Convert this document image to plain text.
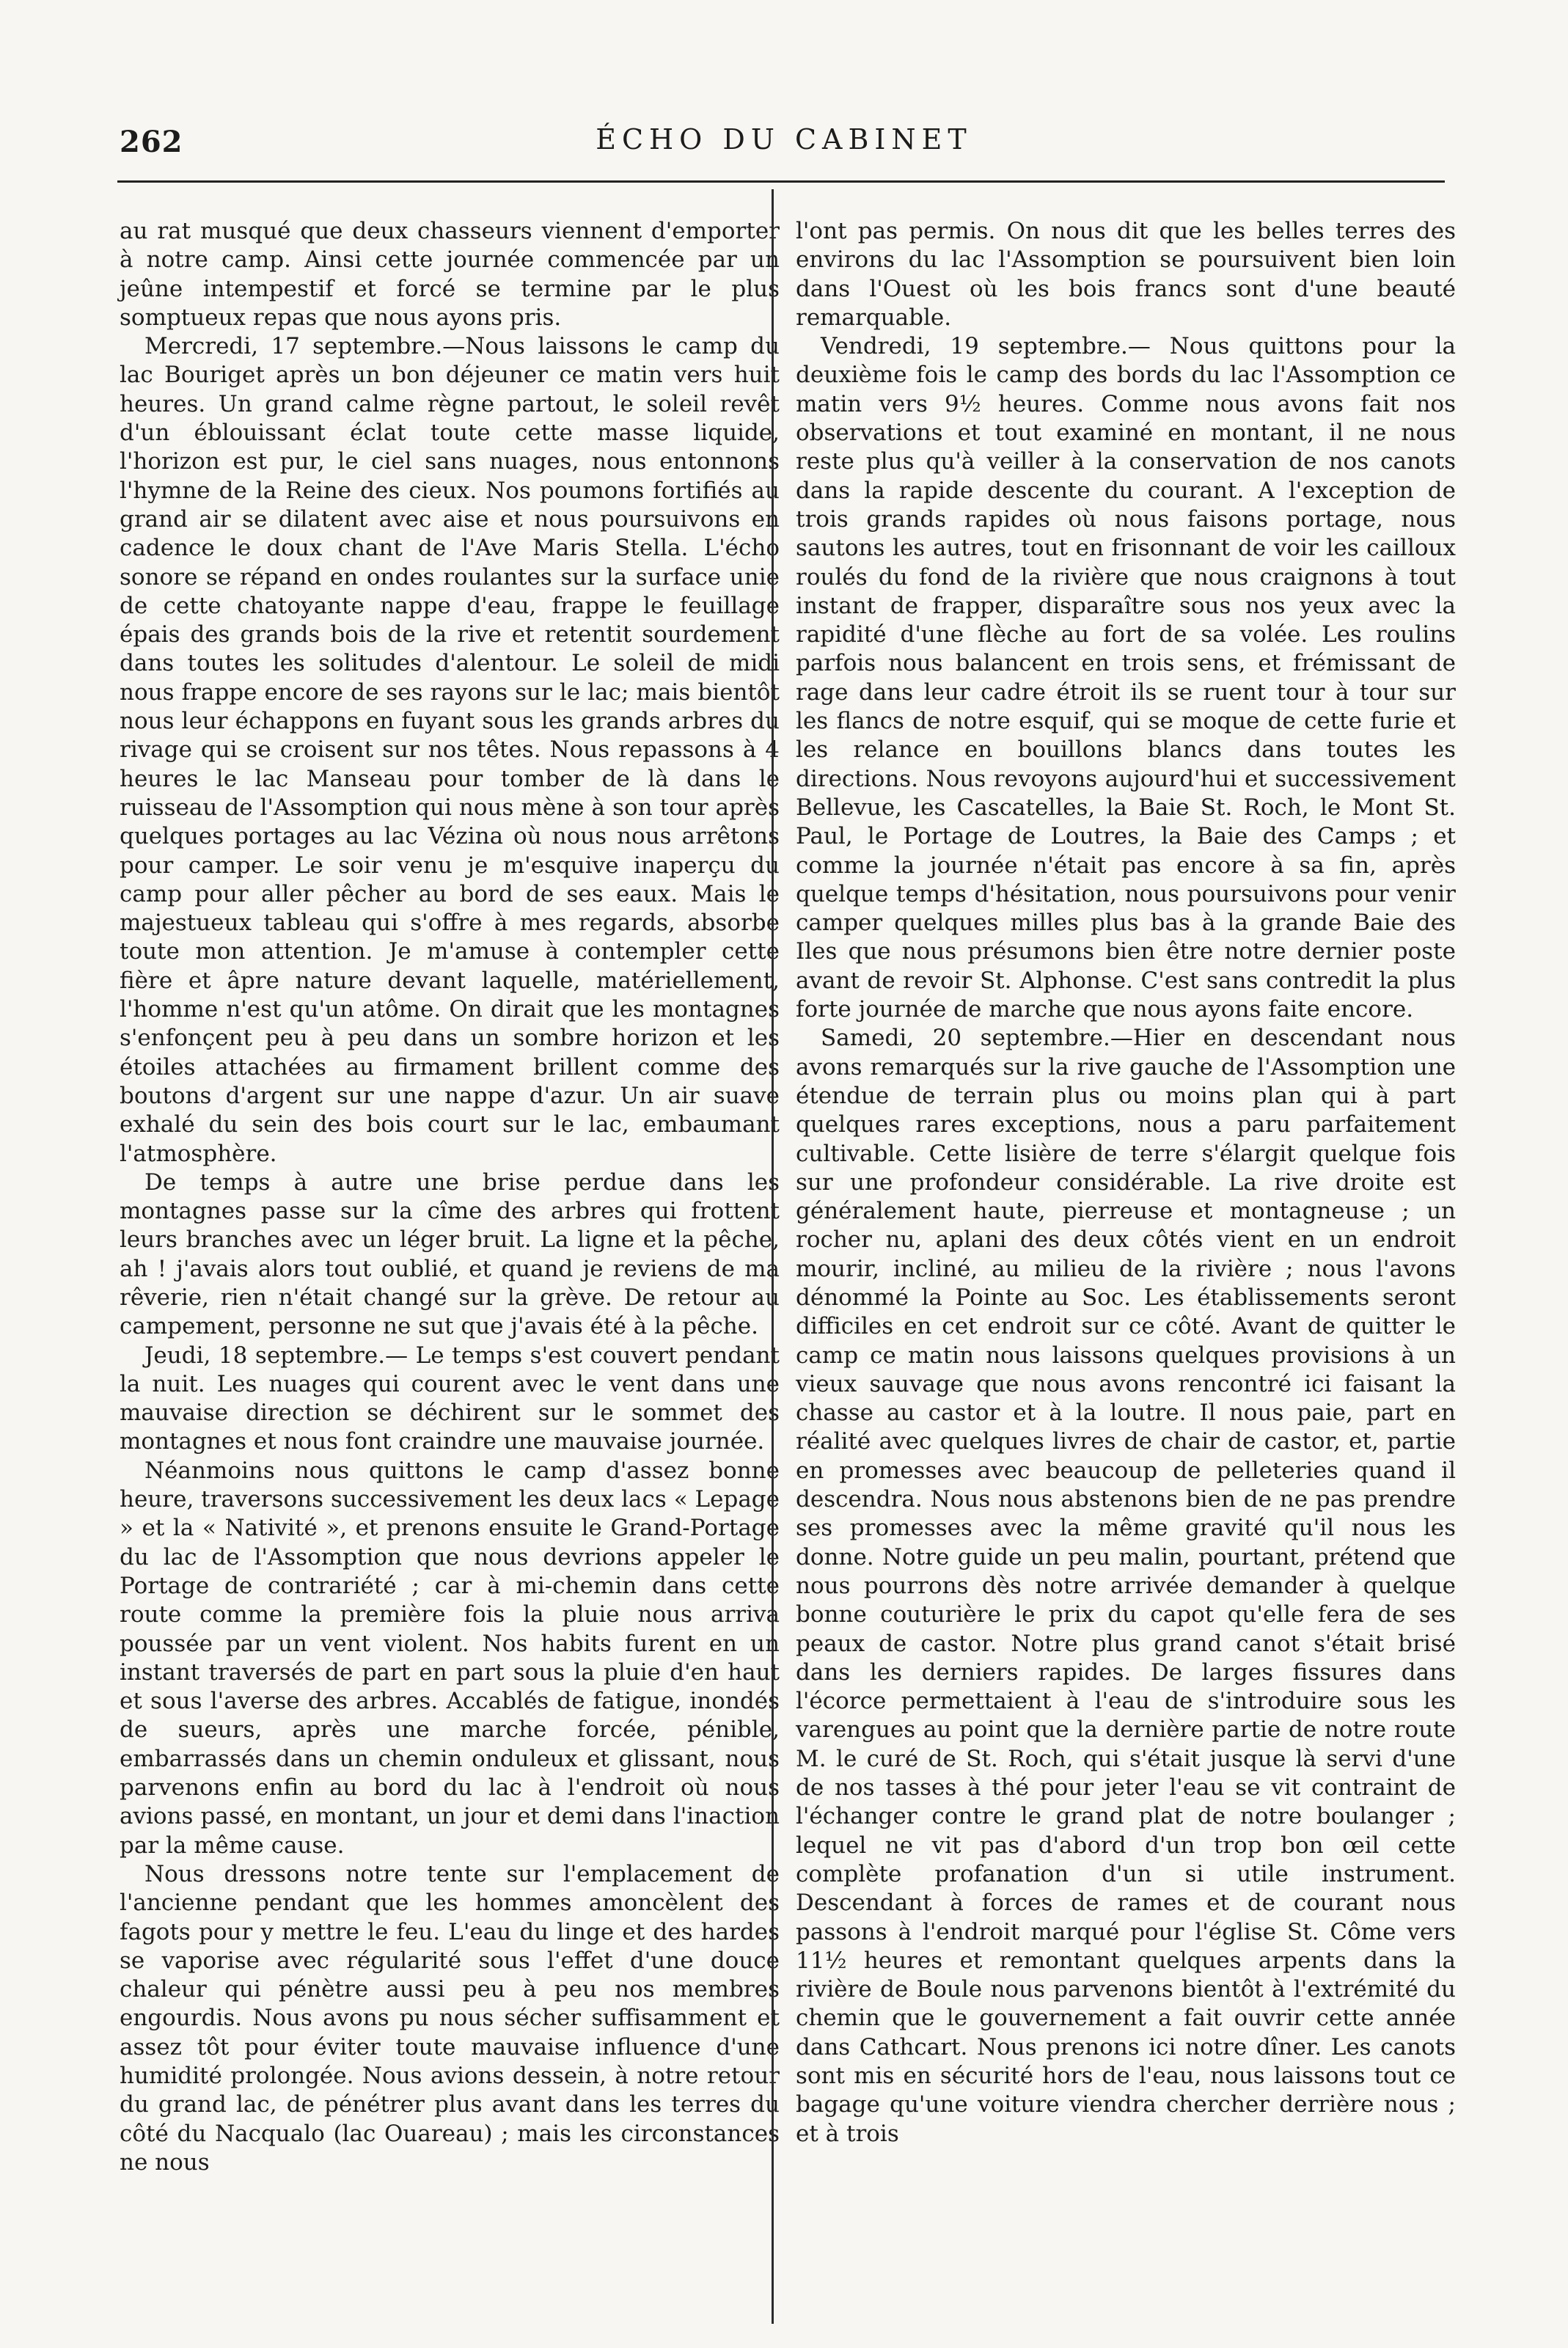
262	ÉCHO DU CABINET

au rat musqué que deux chasseurs viennent d'emporter à notre camp. Ainsi cette journée commencée par un jeûne intempestif et forcé se termine par le plus somptueux repas que nous ayons pris.

Mercredi, 17 septembre.—Nous laissons le camp du lac Bouriget après un bon déjeuner ce matin vers huit heures. Un grand calme règne partout, le soleil revêt d'un éblouissant éclat toute cette masse liquide, l'horizon est pur, le ciel sans nuages, nous entonnons l'hymne de la Reine des cieux. Nos poumons fortifiés au grand air se dilatent avec aise et nous poursuivons en cadence le doux chant de l'Ave Maris Stella. L'écho sonore se répand en ondes roulantes sur la surface unie de cette chatoyante nappe d'eau, frappe le feuillage épais des grands bois de la rive et retentit sourdement dans toutes les solitudes d'alentour. Le soleil de midi nous frappe encore de ses rayons sur le lac; mais bientôt nous leur échappons en fuyant sous les grands arbres du rivage qui se croisent sur nos têtes. Nous repassons à 4 heures le lac Manseau pour tomber de là dans le ruisseau de l'Assomption qui nous mène à son tour après quelques portages au lac Vézina où nous nous arrêtons pour camper. Le soir venu je m'esquive inaperçu du camp pour aller pêcher au bord de ses eaux. Mais le majestueux tableau qui s'offre à mes regards, absorbe toute mon attention. Je m'amuse à contempler cette fière et âpre nature devant laquelle, matériellement, l'homme n'est qu'un atôme. On dirait que les montagnes s'enfonçent peu à peu dans un sombre horizon et les étoiles attachées au firmament brillent comme des boutons d'argent sur une nappe d'azur. Un air suave exhalé du sein des bois court sur le lac, embaumant l'atmosphère.

De temps à autre une brise perdue dans les montagnes passe sur la cîme des arbres qui frottent leurs branches avec un léger bruit. La ligne et la pêche, ah ! j'avais alors tout oublié, et quand je reviens de ma rêverie, rien n'était changé sur la grève. De retour au campement, personne ne sut que j'avais été à la pêche.

Jeudi, 18 septembre.— Le temps s'est couvert pendant la nuit. Les nuages qui courent avec le vent dans une mauvaise direction se déchirent sur le sommet des montagnes et nous font craindre une mauvaise journée.

Néanmoins nous quittons le camp d'assez bonne heure, traversons successivement les deux lacs « Lepage » et la « Nativité », et prenons ensuite le Grand-Portage du lac de l'Assomption que nous devrions appeler le Portage de contrariété ; car à mi-chemin dans cette route comme la première fois la pluie nous arriva poussée par un vent violent. Nos habits furent en un instant traversés de part en part sous la pluie d'en haut et sous l'averse des arbres. Accablés de fatigue, inondés de sueurs, après une marche forcée, pénible, embarrassés dans un chemin onduleux et glissant, nous parvenons enfin au bord du lac à l'endroit où nous avions passé, en montant, un jour et demi dans l'inaction par la même cause.

Nous dressons notre tente sur l'emplacement de l'ancienne pendant que les hommes amoncèlent des fagots pour y mettre le feu. L'eau du linge et des hardes se vaporise avec régularité sous l'effet d'une douce chaleur qui pénètre aussi peu à peu nos membres engourdis. Nous avons pu nous sécher suffisamment et assez tôt pour éviter toute mauvaise influence d'une humidité prolongée. Nous avions dessein, à notre retour du grand lac, de pénétrer plus avant dans les terres du côté du Nacqualo (lac Ouareau) ; mais les circonstances ne nous

l'ont pas permis. On nous dit que les belles terres des environs du lac l'Assomption se poursuivent bien loin dans l'Ouest où les bois francs sont d'une beauté remarquable.

Vendredi, 19 septembre.— Nous quittons pour la deuxième fois le camp des bords du lac l'Assomption ce matin vers 9½ heures. Comme nous avons fait nos observations et tout examiné en montant, il ne nous reste plus qu'à veiller à la conservation de nos canots dans la rapide descente du courant. A l'exception de trois grands rapides où nous faisons portage, nous sautons les autres, tout en frisonnant de voir les cailloux roulés du fond de la rivière que nous craignons à tout instant de frapper, disparaître sous nos yeux avec la rapidité d'une flèche au fort de sa volée. Les roulins parfois nous balancent en trois sens, et frémissant de rage dans leur cadre étroit ils se ruent tour à tour sur les flancs de notre esquif, qui se moque de cette furie et les relance en bouillons blancs dans toutes les directions. Nous revoyons aujourd'hui et successivement Bellevue, les Cascatelles, la Baie St. Roch, le Mont St. Paul, le Portage de Loutres, la Baie des Camps ; et comme la journée n'était pas encore à sa fin, après quelque temps d'hésitation, nous poursuivons pour venir camper quelques milles plus bas à la grande Baie des Iles que nous présumons bien être notre dernier poste avant de revoir St. Alphonse. C'est sans contredit la plus forte journée de marche que nous ayons faite encore.

Samedi, 20 septembre.—Hier en descendant nous avons remarqués sur la rive gauche de l'Assomption une étendue de terrain plus ou moins plan qui à part quelques rares exceptions, nous a paru parfaitement cultivable. Cette lisière de terre s'élargit quelque fois sur une profondeur considérable. La rive droite est généralement haute, pierreuse et montagneuse ; un rocher nu, aplani des deux côtés vient en un endroit mourir, incliné, au milieu de la rivière ; nous l'avons dénommé la Pointe au Soc. Les établissements seront difficiles en cet endroit sur ce côté. Avant de quitter le camp ce matin nous laissons quelques provisions à un vieux sauvage que nous avons rencontré ici faisant la chasse au castor et à la loutre. Il nous paie, part en réalité avec quelques livres de chair de castor, et, partie en promesses avec beaucoup de pelleteries quand il descendra. Nous nous abstenons bien de ne pas prendre ses promesses avec la même gravité qu'il nous les donne. Notre guide un peu malin, pourtant, prétend que nous pourrons dès notre arrivée demander à quelque bonne couturière le prix du capot qu'elle fera de ses peaux de castor. Notre plus grand canot s'était brisé dans les derniers rapides. De larges fissures dans l'écorce permettaient à l'eau de s'introduire sous les varengues au point que la dernière partie de notre route M. le curé de St. Roch, qui s'était jusque là servi d'une de nos tasses à thé pour jeter l'eau se vit contraint de l'échanger contre le grand plat de notre boulanger ; lequel ne vit pas d'abord d'un trop bon œil cette complète profanation d'un si utile instrument. Descendant à forces de rames et de courant nous passons à l'endroit marqué pour l'église St. Côme vers 11½ heures et remontant quelques arpents dans la rivière de Boule nous parvenons bientôt à l'extrémité du chemin que le gouvernement a fait ouvrir cette année dans Cathcart. Nous prenons ici notre dîner. Les canots sont mis en sécurité hors de l'eau, nous laissons tout ce bagage qu'une voiture viendra chercher derrière nous ; et à trois
